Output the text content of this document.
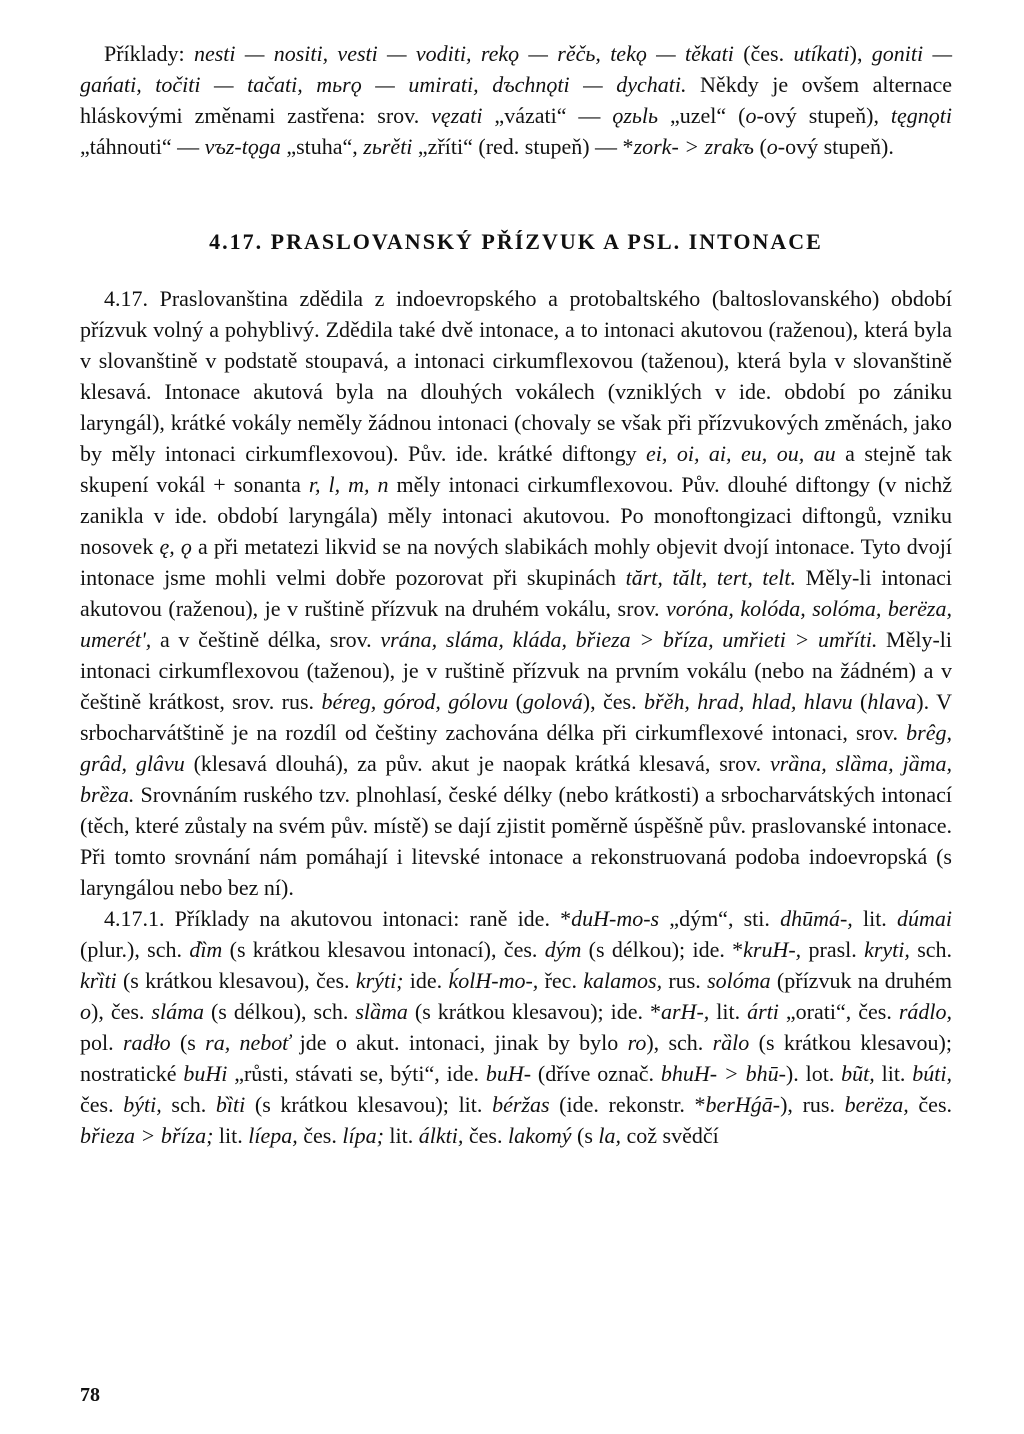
Příklady: nesti — nositi, vesti — voditi, rekǫ — rěčь, tekǫ — těkati (čes. utíkati), goniti — gańati, točiti — tačati, mьrǫ — umirati, dъchnǫti — dychati. Někdy je ovšem alternace hláskovými změnami zastřena: srov. vęzati „vázati“ — ǫzьlь „uzel“ (o-ový stupeň), tęgnǫti „táhnouti“ — vъz-tǫga „stuha“, zьrěti „zříti“ (red. stupeň) — *zork- > zrakъ (o-ový stupeň).

4.17. PRASLOVANSKÝ PŘÍZVUK A PSL. INTONACE

4.17. Praslovanština zdědila z indoevropského a protobaltského (baltoslovanského) období přízvuk volný a pohyblivý. Zdědila také dvě intonace, a to intonaci akutovou (raženou), která byla v slovanštině v podstatě stoupavá, a intonaci cirkumflexovou (taženou), která byla v slovanštině klesavá. Intonace akutová byla na dlouhých vokálech (vzniklých v ide. období po zániku laryngál), krátké vokály neměly žádnou intonaci (chovaly se však při přízvukových změnách, jako by měly intonaci cirkumflexovou). Pův. ide. krátké diftongy ei, oi, ai, eu, ou, au a stejně tak skupení vokál + sonanta r, l, m, n měly intonaci cirkumflexovou. Pův. dlouhé diftongy (v nichž zanikla v ide. období laryngála) měly intonaci akutovou. Po monoftongizaci diftongů, vzniku nosovek ę, ǫ a při metatezi likvid se na nových slabikách mohly objevit dvojí intonace. Tyto dvojí intonace jsme mohli velmi dobře pozorovat při skupinách tărt, tălt, tert, telt. Měly-li intonaci akutovou (raženou), je v ruštině přízvuk na druhém vokálu, srov. voróna, kolóda, solóma, berëza, umerét', a v češtině délka, srov. vrána, sláma, kláda, břieza > bříza, umřieti > umříti. Měly-li intonaci cirkumflexovou (taženou), je v ruštině přízvuk na prvním vokálu (nebo na žádném) a v češtině krátkost, srov. rus. béreg, górod, gólovu (golová), čes. břěh, hrad, hlad, hlavu (hlava). V srbocharvátštině je na rozdíl od češtiny zachována délka při cirkumflexové intonaci, srov. brêg, grâd, glâvu (klesavá dlouhá), za pův. akut je naopak krátká klesavá, srov. vrȁna, slȁma, jȁma, brȅza. Srovnáním ruského tzv. plnohlasí, české délky (nebo krátkosti) a srbocharvátských intonací (těch, které zůstaly na svém pův. místě) se dají zjistit poměrně úspěšně pův. praslovanské intonace. Při tomto srovnání nám pomáhají i litevské intonace a rekonstruovaná podoba indoevropská (s laryngálou nebo bez ní).

4.17.1. Příklady na akutovou intonaci: raně ide. *duH-mo-s „dým“, sti. dhūmá-, lit. dúmai (plur.), sch. dȉm (s krátkou klesavou intonací), čes. dým (s délkou); ide. *kruH-, prasl. kryti, sch. krȉti (s krátkou klesavou), čes. krýti; ide. ḱolH-mo-, řec. kalamos, rus. solóma (přízvuk na druhém o), čes. sláma (s délkou), sch. slȁma (s krátkou klesavou); ide. *arH-, lit. árti „orati“, čes. rádlo, pol. radło (s ra, neboť jde o akut. intonaci, jinak by bylo ro), sch. rȁlo (s krátkou klesavou); nostratické buHi „růsti, stávati se, býti“, ide. buH- (dříve označ. bhuH- > bhū-). lot. bũt, lit. búti, čes. býti, sch. bȉti (s krátkou klesavou); lit. béržas (ide. rekonstr. *berHǵā-), rus. berëza, čes. břieza > bříza; lit. líepa, čes. lípa; lit. álkti, čes. lakomý (s la, což svědčí

78
